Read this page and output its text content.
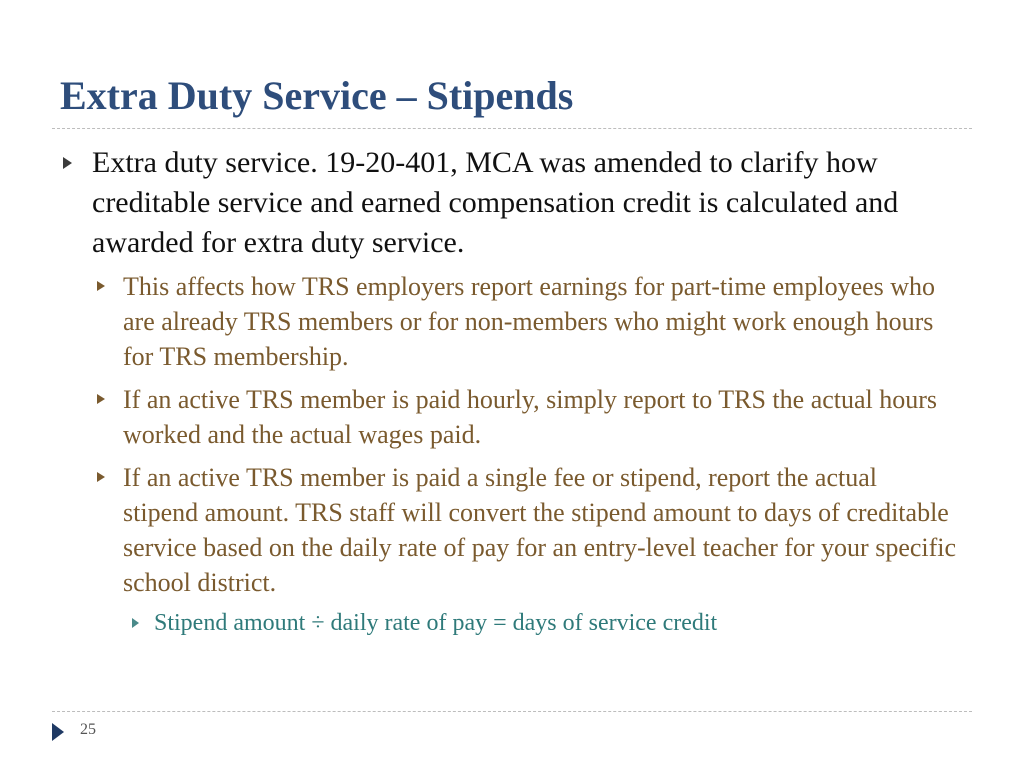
Extra Duty Service – Stipends
Extra duty service. 19-20-401, MCA was amended to clarify how creditable service and earned compensation credit is calculated and awarded for extra duty service.
This affects how TRS employers report earnings for part-time employees who are already TRS members or for non-members who might work enough hours for TRS membership.
If an active TRS member is paid hourly, simply report to TRS the actual hours worked and the actual wages paid.
If an active TRS member is paid a single fee or stipend, report the actual stipend amount. TRS staff will convert the stipend amount to days of creditable service based on the daily rate of pay for an entry-level teacher for your specific school district.
Stipend amount ÷ daily rate of pay = days of service credit
25
